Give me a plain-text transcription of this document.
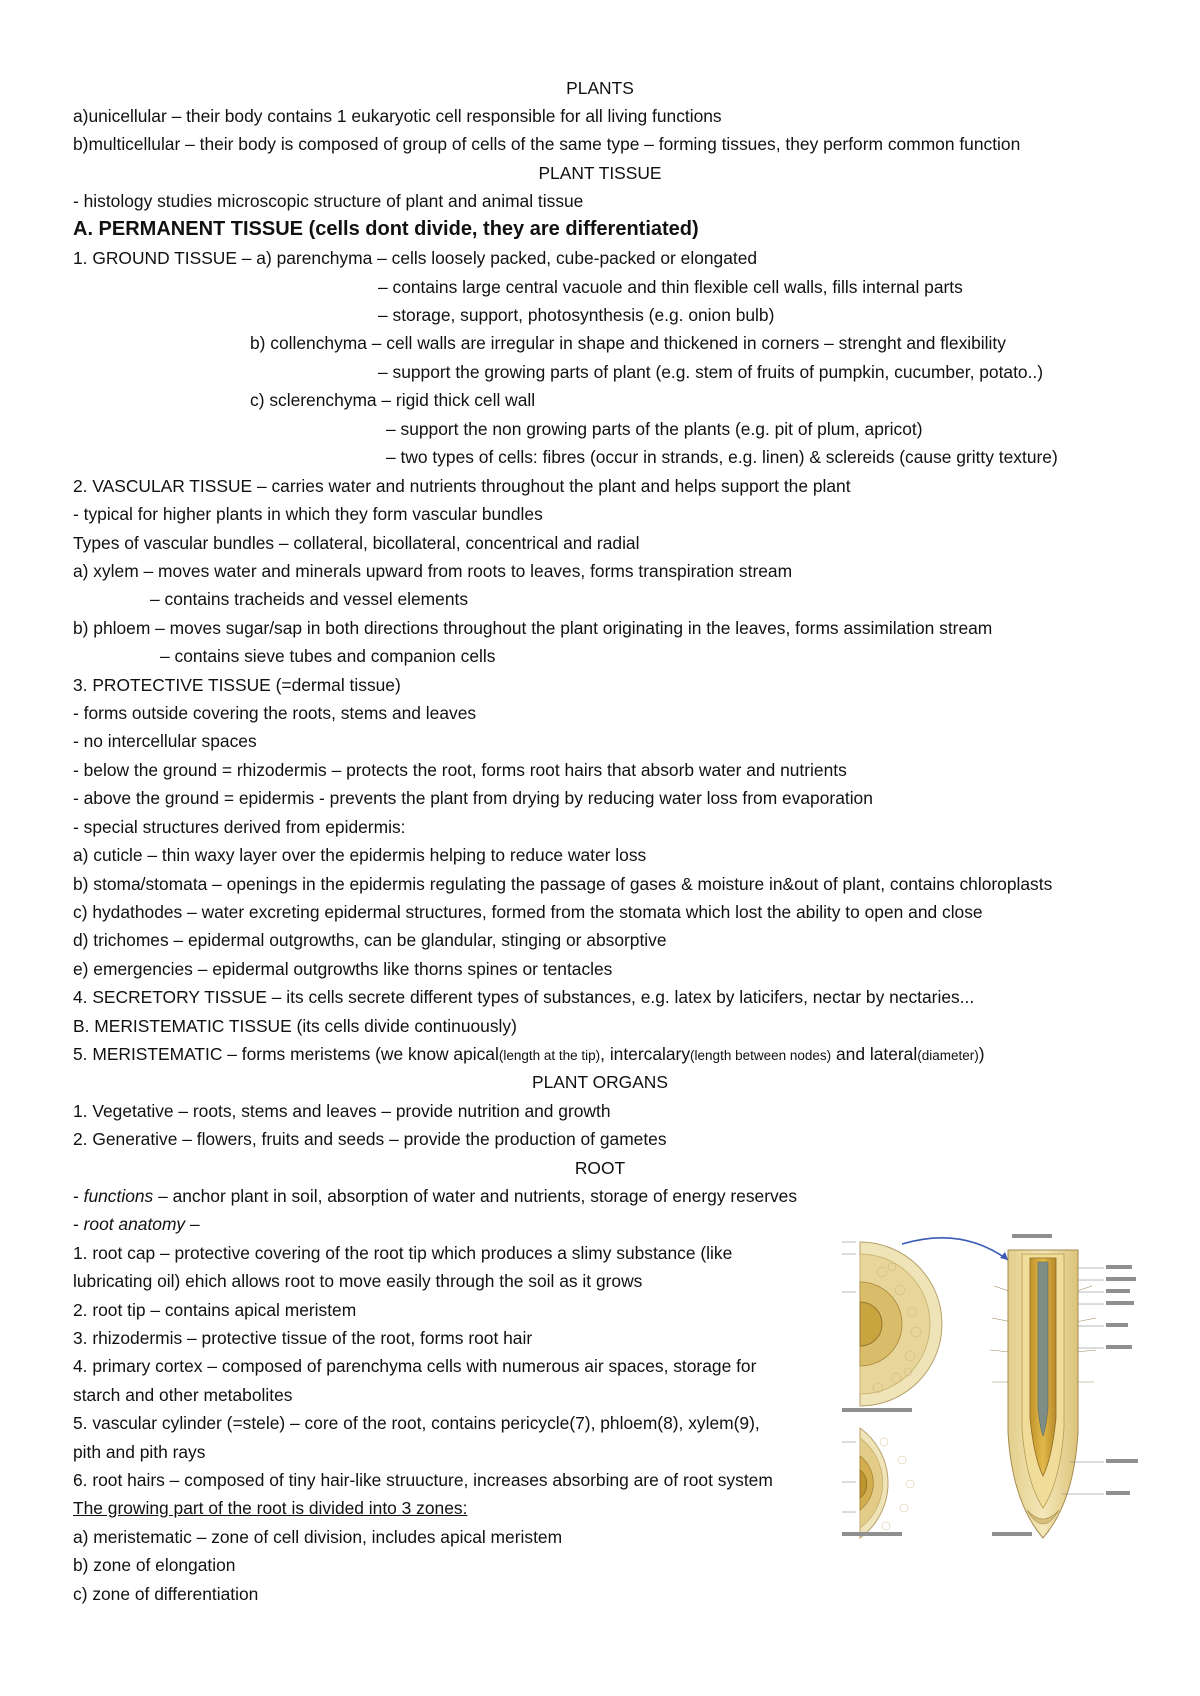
PLANTS
a)unicellular – their body contains 1 eukaryotic cell responsible for all living functions
b)multicellular – their body is composed of group of cells of the same type – forming tissues, they perform common function
PLANT TISSUE
- histology studies microscopic structure of plant and animal tissue
A. PERMANENT TISSUE (cells dont divide, they are differentiated)
1. GROUND TISSUE – a) parenchyma – cells loosely packed, cube-packed or elongated
– contains large central vacuole and thin flexible cell walls, fills internal parts
– storage, support, photosynthesis (e.g. onion bulb)
b) collenchyma – cell walls are irregular in shape and thickened in corners – strenght and flexibility
– support the growing parts of plant (e.g. stem of fruits of pumpkin, cucumber, potato..)
c) sclerenchyma – rigid thick cell wall
– support the non growing parts of the plants (e.g. pit of plum, apricot)
– two types of cells: fibres (occur in strands, e.g. linen) & sclereids (cause gritty texture)
2. VASCULAR TISSUE – carries water and nutrients throughout the plant and helps support the plant
- typical for higher plants in which they form vascular bundles
Types of vascular bundles – collateral, bicollateral, concentrical and radial
a) xylem – moves water and minerals upward from roots to leaves, forms transpiration stream
– contains tracheids and vessel elements
b) phloem – moves sugar/sap in both directions throughout the plant originating in the leaves, forms assimilation stream
– contains sieve tubes and companion cells
3. PROTECTIVE TISSUE (=dermal tissue)
- forms outside covering the roots, stems and leaves
- no intercellular spaces
- below the ground = rhizodermis – protects the root, forms root hairs that absorb water and nutrients
- above the ground = epidermis - prevents the plant from drying by reducing water loss from evaporation
- special structures derived from epidermis:
a) cuticle – thin waxy layer over the epidermis helping to reduce water loss
b) stoma/stomata – openings in the epidermis regulating the passage of gases & moisture in&out of plant, contains chloroplasts
c) hydathodes – water excreting epidermal structures, formed from the stomata which lost the ability to open and close
d) trichomes – epidermal outgrowths, can be glandular, stinging or absorptive
e) emergencies – epidermal outgrowths like thorns spines or tentacles
4. SECRETORY TISSUE – its cells secrete different types of substances, e.g. latex by laticifers, nectar by nectaries...
B. MERISTEMATIC TISSUE (its cells divide continuously)
5. MERISTEMATIC – forms meristems (we know apical(length at the tip), intercalary(length between nodes) and lateral(diameter))
PLANT ORGANS
1. Vegetative – roots, stems and leaves – provide nutrition and growth
2. Generative – flowers, fruits and seeds – provide the production of gametes
ROOT
- functions – anchor plant in soil, absorption of water and nutrients, storage of energy reserves
- root anatomy –
1. root cap – protective covering of the root tip which produces a slimy substance (like
lubricating oil) ehich allows root to move easily through the soil as it grows
2. root tip – contains apical meristem
3. rhizodermis – protective tissue of the root, forms root hair
4. primary cortex – composed of parenchyma cells with numerous air spaces, storage for
starch and other metabolites
5. vascular cylinder (=stele) – core of the root, contains pericycle(7), phloem(8), xylem(9),
pith and pith rays
6. root hairs – composed of tiny hair-like struucture, increases absorbing are of root system
The growing part of the root is divided into 3 zones:
a) meristematic – zone of cell division, includes apical meristem
b) zone of elongation
c) zone of differentiation
